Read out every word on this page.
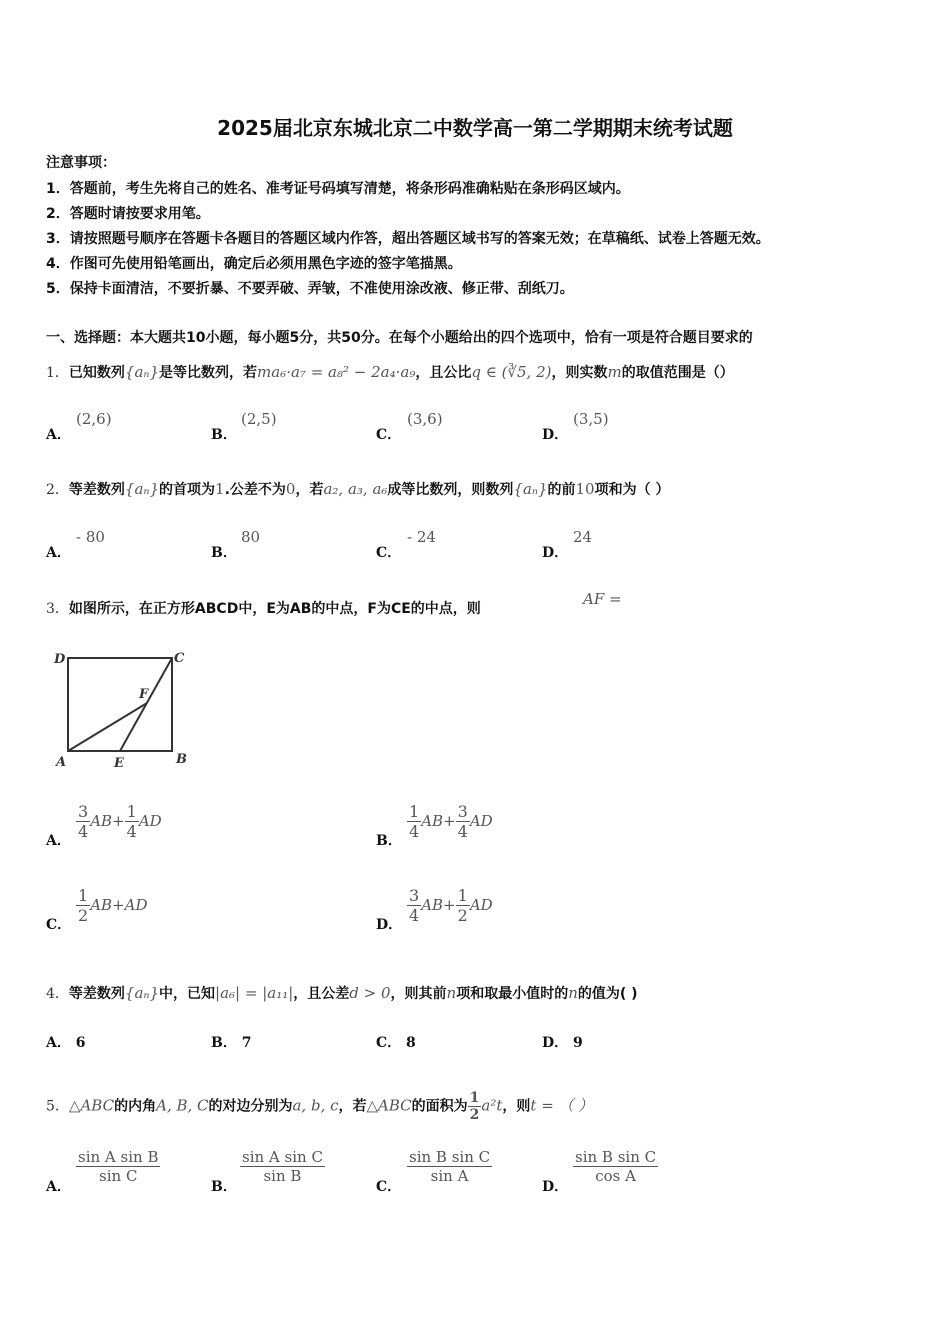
2025届北京东城北京二中数学高一第二学期期末统考试题
注意事项：
1．答题前，考生先将自己的姓名、准考证号码填写清楚，将条形码准确粘贴在条形码区域内。
2．答题时请按要求用笔。
3．请按照题号顺序在答题卡各题目的答题区域内作答，超出答题区域书写的答案无效；在草稿纸、试卷上答题无效。
4．作图可先使用铅笔画出，确定后必须用黑色字迹的签字笔描黑。
5．保持卡面清洁，不要折暴、不要弄破、弄皱，不准使用涂改液、修正带、刮纸刀。
一、选择题：本大题共10小题，每小题5分，共50分。在每个小题给出的四个选项中，恰有一项是符合题目要求的
1．已知数列{aₙ}是等比数列，若ma₆·a₇ = a₈² − 2a₄·a₉，且公比q ∈ (∛5, 2)，则实数m的取值范围是（）
A．
(2,6)
B．
(2,5)
C．
(3,6)
D．
(3,5)
2．等差数列{aₙ}的首项为1.公差不为0，若a₂, a₃, a₆成等比数列，则数列{aₙ}的前10项和为（ ）
A．
- 80
B．
80
C．
- 24
D．
24
3．如图所示，在正方形ABCD中，E为AB的中点，F为CE的中点，则
AF =
D	C
F
A	E	B
A． $\frac{3}{4} AB+ \frac{1}{4}$ AD
B． $\frac{1}{4} AB+ \frac{3}{4}$ AD
C． $\frac{1}{2} AB+AD$
D． $\frac{3}{4} AB+ \frac{1}{2}$ AD
4．等差数列{aₙ}中，已知|a₆| = |a₁₁|，且公差d > 0，则其前n项和取最小值时的n的值为( )
A． 6	B． 7	C． 8	D． 9
5．△ABC的内角A, B, C的对边分别为a, b, c，若△ABC的面积为 $\frac{1}{2} a^2t$，则t = （ ）
A．
$\frac{\text{sin A sin B}}{\text{sin C}}$
B．
$\frac{\text{sin A sin C}}{\text{sin B}}$
C．
$\frac{\text{sin B sin C}}{\text{sin A}}$
D．
$\frac{\text{sin B sin C}}{\text{cos A}}$
